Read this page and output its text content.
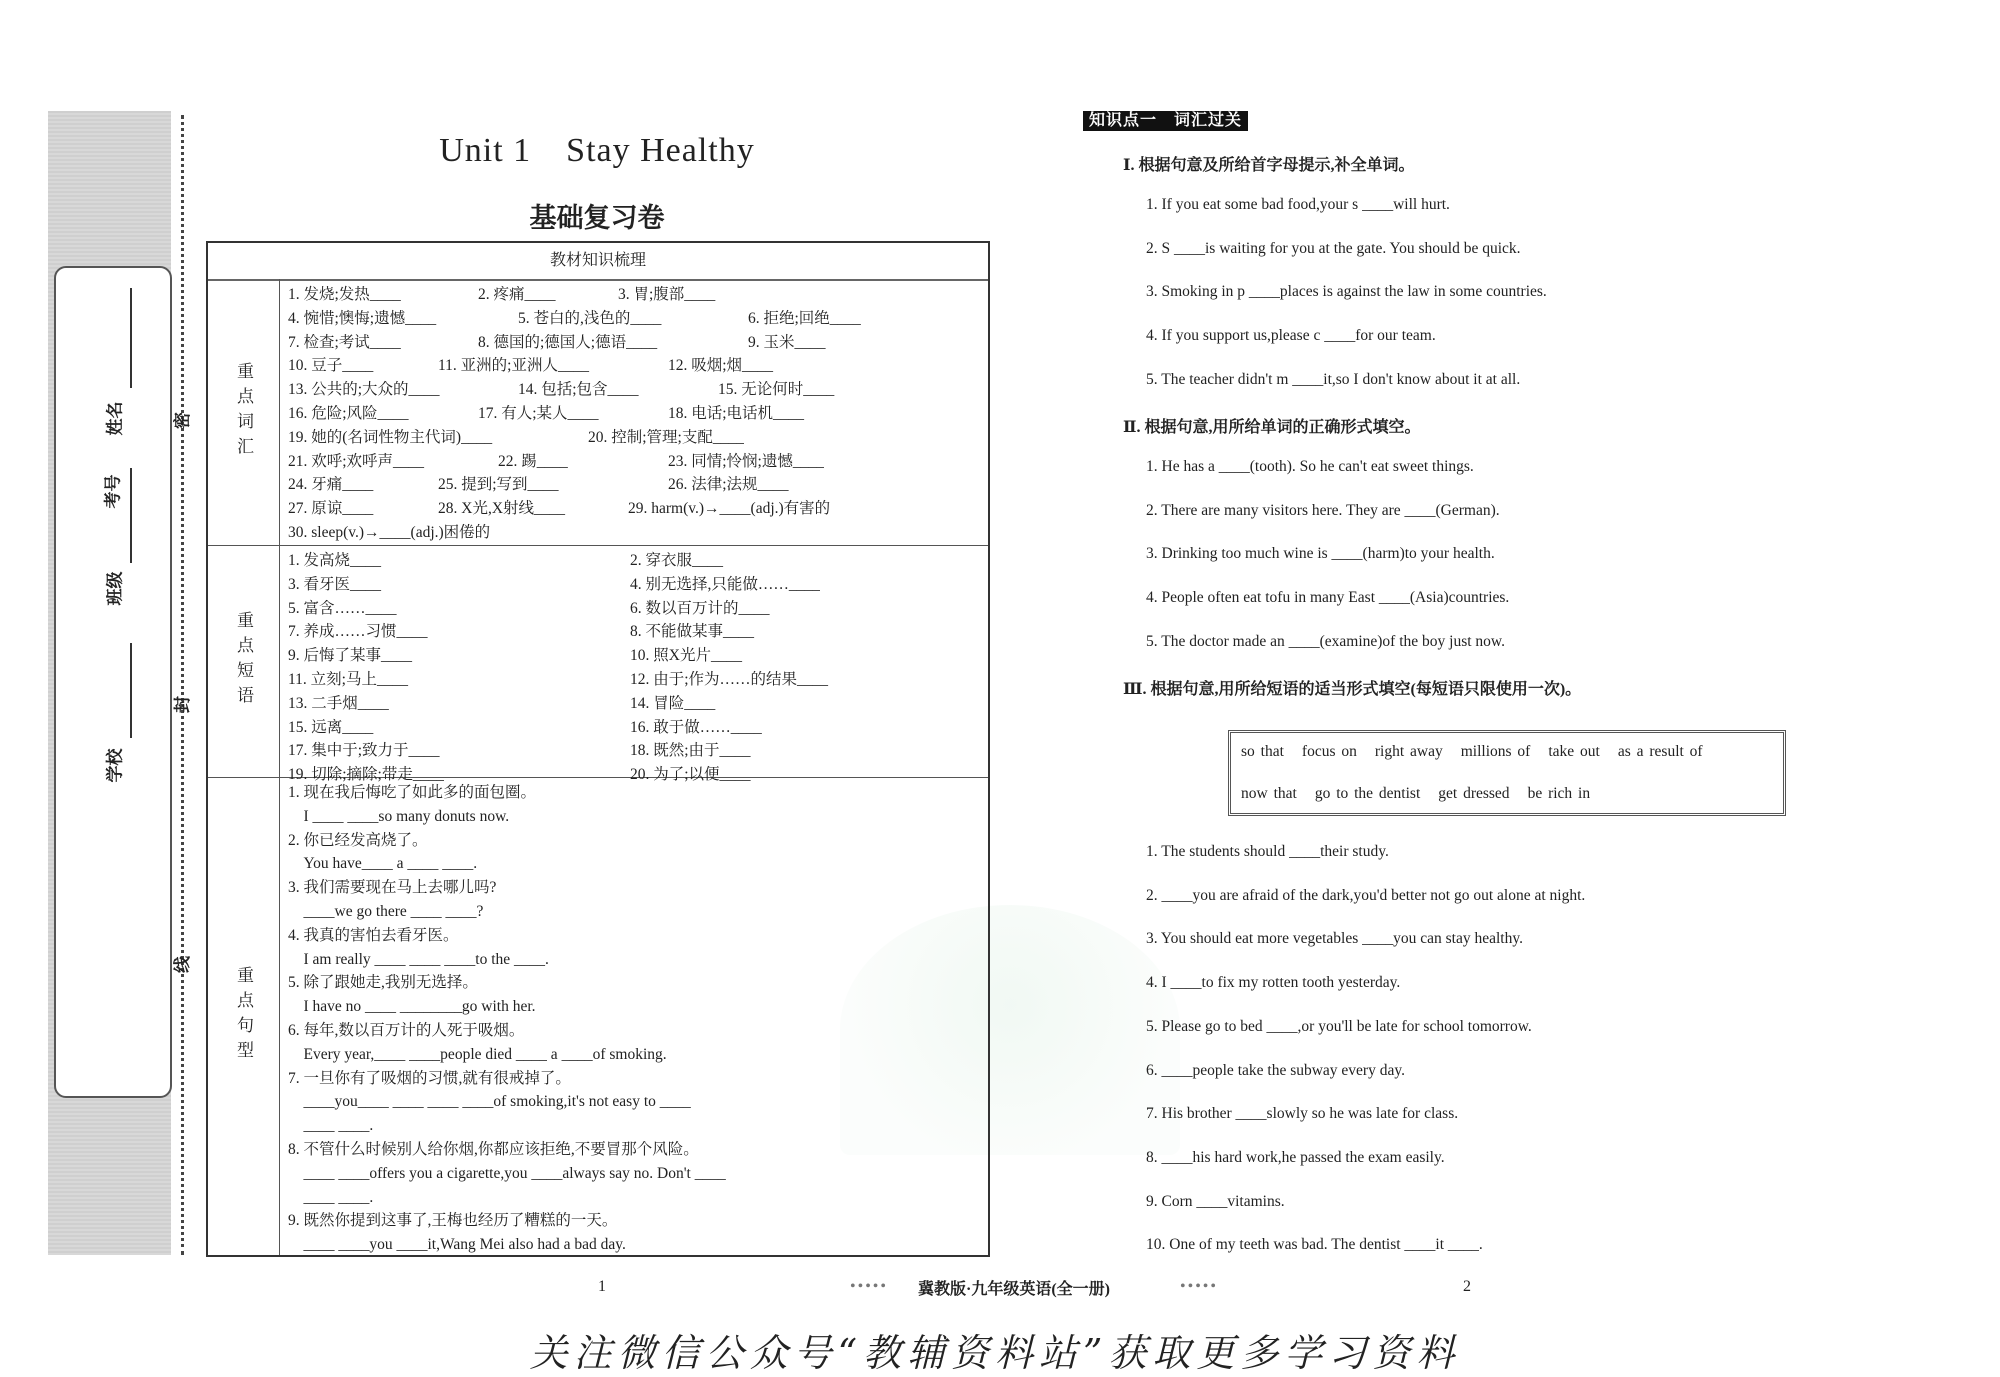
学校
班级
姓名
考号
密
封
线
Unit 1　Stay Healthy
基础复习卷
教材知识梳理
重点词汇
1. 发烧;发热____	2. 疼痛____	3. 胃;腹部____
4. 惋惜;懊悔;遗憾____	5. 苍白的,浅色的____	6. 拒绝;回绝____
7. 检查;考试____	8. 德国的;德国人;德语____	9. 玉米____
10. 豆子____	11. 亚洲的;亚洲人____	12. 吸烟;烟____
13. 公共的;大众的____	14. 包括;包含____	15. 无论何时____
16. 危险;风险____	17. 有人;某人____	18. 电话;电话机____
19. 她的(名词性物主代词)____	20. 控制;管理;支配____
21. 欢呼;欢呼声____	22. 踢____	23. 同情;怜悯;遗憾____
24. 牙痛____	25. 提到;写到____	26. 法律;法规____
27. 原谅____	28. X光,X射线____	29. harm(v.)→____(adj.)有害的
30. sleep(v.)→____(adj.)困倦的
重点短语
1. 发高烧____	2. 穿衣服____
3. 看牙医____	4. 别无选择,只能做……____
5. 富含……____	6. 数以百万计的____
7. 养成……习惯____	8. 不能做某事____
9. 后悔了某事____	10. 照X光片____
11. 立刻;马上____	12. 由于;作为……的结果____
13. 二手烟____	14. 冒险____
15. 远离____	16. 敢于做……____
17. 集中于;致力于____	18. 既然;由于____
19. 切除;摘除;带走____	20. 为了;以便____
重点句型
1. 现在我后悔吃了如此多的面包圈。
　I ____ ____so many donuts now.
2. 你已经发高烧了。
　You have____ a ____ ____.
3. 我们需要现在马上去哪儿吗?
　____we go there ____ ____?
4. 我真的害怕去看牙医。
　I am really ____ ____ ____to the ____.
5. 除了跟她走,我别无选择。
　I have no ____ ________go with her.
6. 每年,数以百万计的人死于吸烟。
　Every year,____ ____people died ____ a ____of smoking.
7. 一旦你有了吸烟的习惯,就有很戒掉了。
　____you____ ____ ____ ____of smoking,it's not easy to ____
　____ ____.
8. 不管什么时候别人给你烟,你都应该拒绝,不要冒那个风险。
　____ ____offers you a cigarette,you ____always say no. Don't ____
　____ ____.
9. 既然你提到这事了,王梅也经历了糟糕的一天。
　____ ____you ____it,Wang Mei also had a bad day.
知识点一　词汇过关
Ⅰ. 根据句意及所给首字母提示,补全单词。
1. If you eat some bad food,your s ____will hurt.
2. S ____is waiting for you at the gate. You should be quick.
3. Smoking in p ____places is against the law in some countries.
4. If you support us,please c ____for our team.
5. The teacher didn't m ____it,so I don't know about it at all.
Ⅱ. 根据句意,用所给单词的正确形式填空。
1. He has a ____(tooth). So he can't eat sweet things.
2. There are many visitors here. They are ____(German).
3. Drinking too much wine is ____(harm)to your health.
4. People often eat tofu in many East ____(Asia)countries.
5. The doctor made an ____(examine)of the boy just now.
Ⅲ. 根据句意,用所给短语的适当形式填空(每短语只限使用一次)。
1. The students should ____their study.
2. ____you are afraid of the dark,you'd better not go out alone at night.
3. You should eat more vegetables ____you can stay healthy.
4. I ____to fix my rotten tooth yesterday.
5. Please go to bed ____,or you'll be late for school tomorrow.
6. ____people take the subway every day.
7. His brother ____slowly so he was late for class.
8. ____his hard work,he passed the exam easily.
9. Corn ____vitamins.
10. One of my teeth was bad. The dentist ____it ____.
so that focus on right away millions of take out as a result of
now that go to the dentist get dressed be rich in
1	••••• 冀教版·九年级英语(全一册)	•••••	2
关注微信公众号“教辅资料站”获取更多学习资料
